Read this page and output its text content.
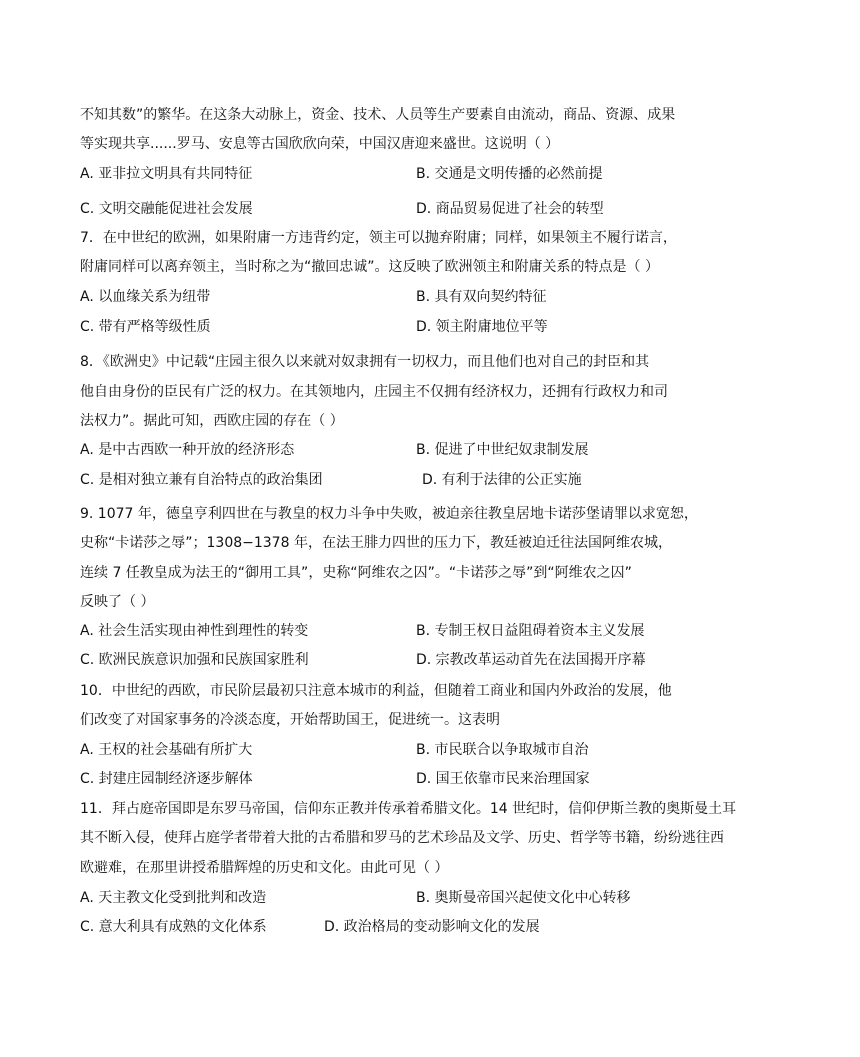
不知其数”的繁华。在这条大动脉上，资金、技术、人员等生产要素自由流动，商品、资源、成果
等实现共享......罗马、安息等古国欣欣向荣，中国汉唐迎来盛世。这说明（ ）
A. 亚非拉文明具有共同特征	B. 交通是文明传播的必然前提
C. 文明交融能促进社会发展	D. 商品贸易促进了社会的转型
7．在中世纪的欧洲，如果附庸一方违背约定，领主可以抛弃附庸；同样，如果领主不履行诺言，
附庸同样可以离弃领主，当时称之为“撤回忠诚”。这反映了欧洲领主和附庸关系的特点是（ ）
A. 以血缘关系为纽带	B. 具有双向契约特征
C. 带有严格等级性质	D. 领主附庸地位平等
8．《欧洲史》中记载“庄园主很久以来就对奴隶拥有一切权力，而且他们也对自己的封臣和其
他自由身份的臣民有广泛的权力。在其领地内，庄园主不仅拥有经济权力，还拥有行政权力和司
法权力”。据此可知，西欧庄园的存在（ ）
A. 是中古西欧一种开放的经济形态	B. 促进了中世纪奴隶制发展
C. 是相对独立兼有自治特点的政治集团	D. 有利于法律的公正实施
9. 1077 年，德皇亨利四世在与教皇的权力斗争中失败，被迫亲往教皇居地卡诺莎堡请罪以求宽恕，
史称“卡诺莎之辱”；1308−1378 年，在法王腓力四世的压力下，教廷被迫迁往法国阿维农城，
连续 7 任教皇成为法王的“御用工具”，史称“阿维农之囚”。“卡诺莎之辱”到“阿维农之囚”
反映了（ ）
A. 社会生活实现由神性到理性的转变	B. 专制王权日益阻碍着资本主义发展
C. 欧洲民族意识加强和民族国家胜利	D. 宗教改革运动首先在法国揭开序幕
10．中世纪的西欧，市民阶层最初只注意本城市的利益，但随着工商业和国内外政治的发展，他
们改变了对国家事务的冷淡态度，开始帮助国王，促进统一。这表明
A. 王权的社会基础有所扩大	B. 市民联合以争取城市自治
C. 封建庄园制经济逐步解体	D. 国王依靠市民来治理国家
11．拜占庭帝国即是东罗马帝国，信仰东正教并传承着希腊文化。14 世纪时，信仰伊斯兰教的奥斯曼土耳
其不断入侵，使拜占庭学者带着大批的古希腊和罗马的艺术珍品及文学、历史、哲学等书籍，纷纷逃往西
欧避难，在那里讲授希腊辉煌的历史和文化。由此可见（ ）
A. 天主教文化受到批判和改造	B. 奥斯曼帝国兴起使文化中心转移
C. 意大利具有成熟的文化体系	D. 政治格局的变动影响文化的发展
